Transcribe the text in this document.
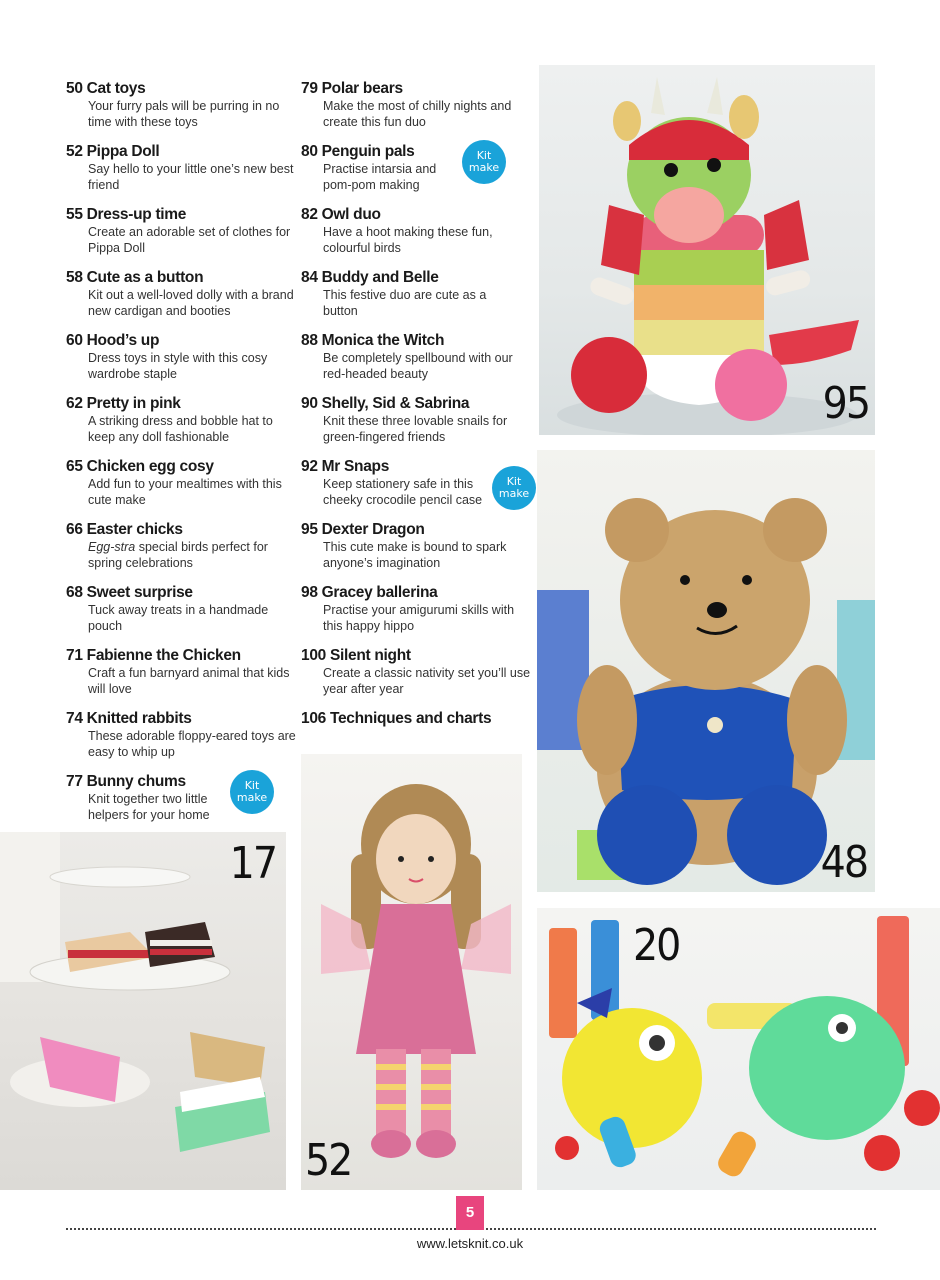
50 Cat toys
Your furry pals will be purring in no time with these toys
52 Pippa Doll
Say hello to your little one’s new best friend
55 Dress-up time
Create an adorable set of clothes for Pippa Doll
58 Cute as a button
Kit out a well-loved dolly with a brand new cardigan and booties
60 Hood’s up
Dress toys in style with this cosy wardrobe staple
62 Pretty in pink
A striking dress and bobble hat to keep any doll fashionable
65 Chicken egg cosy
Add fun to your mealtimes with this cute make
66 Easter chicks
Egg-stra special birds perfect for spring celebrations
68 Sweet surprise
Tuck away treats in a handmade pouch
71 Fabienne the Chicken
Craft a fun barnyard animal that kids will love
74 Knitted rabbits
These adorable floppy-eared toys are easy to whip up
77 Bunny chums
Knit together two little helpers for your home
Kit make
79 Polar bears
Make the most of chilly nights and create this fun duo
80 Penguin pals
Practise intarsia and pom-pom making
Kit make
82 Owl duo
Have a hoot making these fun, colourful birds
84 Buddy and Belle
This festive duo are cute as a button
88 Monica the Witch
Be completely spellbound with our red-headed beauty
90 Shelly, Sid & Sabrina
Knit these three lovable snails for green-fingered friends
92 Mr Snaps
Keep stationery safe in this cheeky crocodile pencil case
Kit make
95 Dexter Dragon
This cute make is bound to spark anyone’s imagination
98 Gracey ballerina
Practise your amigurumi skills with this happy hippo
100 Silent night
Create a classic nativity set you’ll use year after year
106 Techniques and charts
95
48
20
17
52
5
www.letsknit.co.uk
